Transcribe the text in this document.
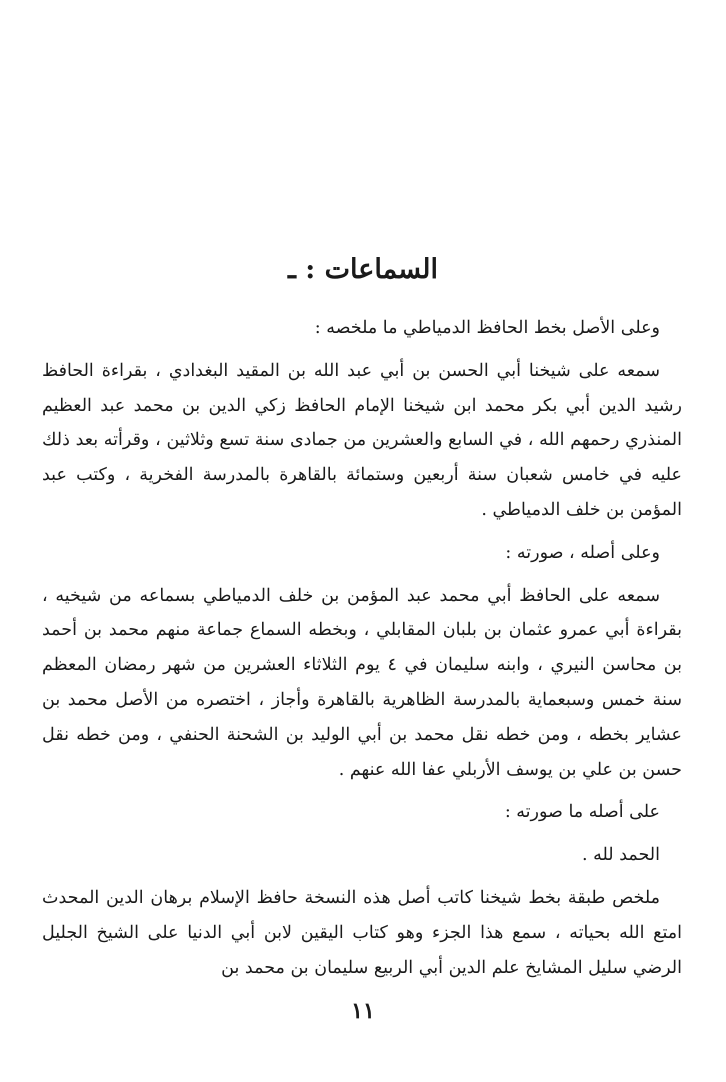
السماعات : ـ

وعلى الأصل بخط الحافظ الدمياطي ما ملخصه :

سمعه على شيخنا أبي الحسن بن أبي عبد الله بن المقيد البغدادي ، بقراءة الحافظ رشيد الدين أبي بكر محمد ابن شيخنا الإمام الحافظ زكي الدين بن محمد عبد العظيم المنذري رحمهم الله ، في السابع والعشرين من جمادى سنة تسع وثلاثين ، وقرأته بعد ذلك عليه في خامس شعبان سنة أربعين وستمائة بالقاهرة بالمدرسة الفخرية ، وكتب عبد المؤمن بن خلف الدمياطي .

وعلى أصله ، صورته :

سمعه على الحافظ أبي محمد عبد المؤمن بن خلف الدمياطي بسماعه من شيخيه ، بقراءة أبي عمرو عثمان بن بلبان المقابلي ، وبخطه السماع جماعة منهم محمد بن أحمد بن محاسن النيري ، وابنه سليمان في ٤ يوم الثلاثاء العشرين من شهر رمضان المعظم سنة خمس وسبعماية بالمدرسة الظاهرية بالقاهرة وأجاز ، اختصره من الأصل محمد بن عشاير بخطه ، ومن خطه نقل محمد بن أبي الوليد بن الشحنة الحنفي ، ومن خطه نقل حسن بن علي بن يوسف الأربلي عفا الله عنهم .

على أصله ما صورته :

الحمد لله .

ملخص طبقة بخط شيخنا كاتب أصل هذه النسخة حافظ الإسلام برهان الدين المحدث امتع الله بحياته ، سمع هذا الجزء وهو كتاب اليقين لابن أبي الدنيا على الشيخ الجليل الرضي سليل المشايخ علم الدين أبي الربيع سليمان بن محمد بن

١١
